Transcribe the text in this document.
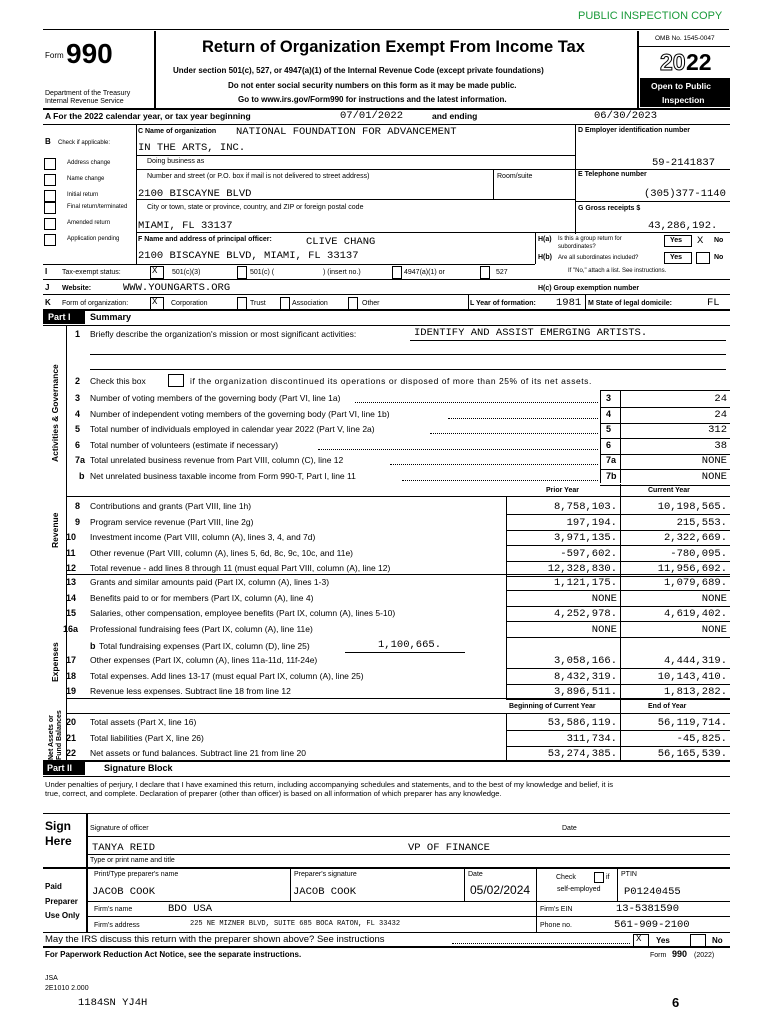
PUBLIC INSPECTION COPY
Form 990
Department of the Treasury
Internal Revenue Service
Return of Organization Exempt From Income Tax
Under section 501(c), 527, or 4947(a)(1) of the Internal Revenue Code (except private foundations)
Do not enter social security numbers on this form as it may be made public.
Go to www.irs.gov/Form990 for instructions and the latest information.
OMB No. 1545-0047
20 22
Open to Public
Inspection
A For the 2022 calendar year, or tax year beginning	07/01/2022	and ending	06/30/2023
B Check if applicable:
Address change
Name change
Initial return
Final return/terminated
Amended return
Application pending
C Name of organization NATIONAL FOUNDATION FOR ADVANCEMENT
IN THE ARTS, INC.
Doing business as
Number and street (or P.O. box if mail is not delivered to street address)	Room/suite
2100 BISCAYNE BLVD
City or town, state or province, country, and ZIP or foreign postal code
MIAMI, FL 33137
D Employer identification number
59-2141837
E Telephone number
(305)377-1140
G Gross receipts $
43,286,192.
F Name and address of principal officer:	CLIVE CHANG
2100 BISCAYNE BLVD, MIAMI, FL 33137
H(a) Is this a group return for
subordinates?
Yes X No
H(b) Are all subordinates included?	Yes	No
If "No," attach a list. See instructions.
I Tax-exempt status:	X 501(c)(3)	501(c) (	) (insert no.)	4947(a)(1) or	527
J Website:	WWW.YOUNGARTS.ORG	H(c) Group exemption number
K Form of organization:	X Corporation	Trust	Association	Other	L Year of formation: 1981 M State of legal domicile:	FL
Part I Summary
Activities & Governance
Revenue
Expenses
Net Assets or Fund Balances
1 Briefly describe the organization's mission or most significant activities:	IDENTIFY AND ASSIST EMERGING ARTISTS.
2 Check this box	if the organization discontinued its operations or disposed of more than 25% of its net assets.
3 Number of voting members of the governing body (Part VI, line 1a)	3	24
4 Number of independent voting members of the governing body (Part VI, line 1b)	4	24
5 Total number of individuals employed in calendar year 2022 (Part V, line 2a)	5	312
6 Total number of volunteers (estimate if necessary)	6	38
7a Total unrelated business revenue from Part VIII, column (C), line 12	7a	NONE
b Net unrelated business taxable income from Form 990-T, Part I, line 11	7b	NONE
Prior Year	Current Year
8 Contributions and grants (Part VIII, line 1h)	8,758,103.	10,198,565.
9 Program service revenue (Part VIII, line 2g)	197,194.	215,553.
10 Investment income (Part VIII, column (A), lines 3, 4, and 7d)	3,971,135.	2,322,669.
11 Other revenue (Part VIII, column (A), lines 5, 6d, 8c, 9c, 10c, and 11e)	-597,602.	-780,095.
12 Total revenue - add lines 8 through 11 (must equal Part VIII, column (A), line 12)	12,328,830.	11,956,692.
13 Grants and similar amounts paid (Part IX, column (A), lines 1-3)	1,121,175.	1,079,689.
14 Benefits paid to or for members (Part IX, column (A), line 4)	NONE	NONE
15 Salaries, other compensation, employee benefits (Part IX, column (A), lines 5-10)	4,252,978.	4,619,402.
16a Professional fundraising fees (Part IX, column (A), line 11e)	NONE	NONE
17 Other expenses (Part IX, column (A), lines 11a-11d, 11f-24e)	3,058,166.	4,444,319.
18 Total expenses. Add lines 13-17 (must equal Part IX, column (A), line 25)	8,432,319.	10,143,410.
19 Revenue less expenses. Subtract line 18 from line 12	3,896,511.	1,813,282.
20 Total assets (Part X, line 16)	53,586,119.	56,119,714.
21 Total liabilities (Part X, line 26)	311,734.	-45,825.
22 Net assets or fund balances. Subtract line 21 from line 20	53,274,385.	56,165,539.
b Total fundraising expenses (Part IX, column (D), line 25)	1,100,665.
Beginning of Current Year	End of Year
Part II	Signature Block
Under penalties of perjury, I declare that I have examined this return, including accompanying schedules and statements, and to the best of my knowledge and belief, it is
true, correct, and complete. Declaration of preparer (other than officer) is based on all information of which preparer has any knowledge.
Sign
Here
Signature of officer	Date
TANYA REID	VP OF FINANCE
Type or print name and title
Paid
Preparer
Use Only
Print/Type preparer's name	Preparer's signature	Date	Check	if
self-employed
PTIN
JACOB COOK	JACOB COOK	05/02/2024	P01240455
Firm's name	BDO USA	Firm's EIN	13-5381590
Firm's address	225 NE MIZNER BLVD, SUITE 685 BOCA RATON, FL 33432	Phone no.	561-909-2100
May the IRS discuss this return with the preparer shown above? See instructions	X Yes	No
For Paperwork Reduction Act Notice, see the separate instructions.	Form 990 (2022)
JSA
2E1010 2.000
1184SN YJ4H	6
